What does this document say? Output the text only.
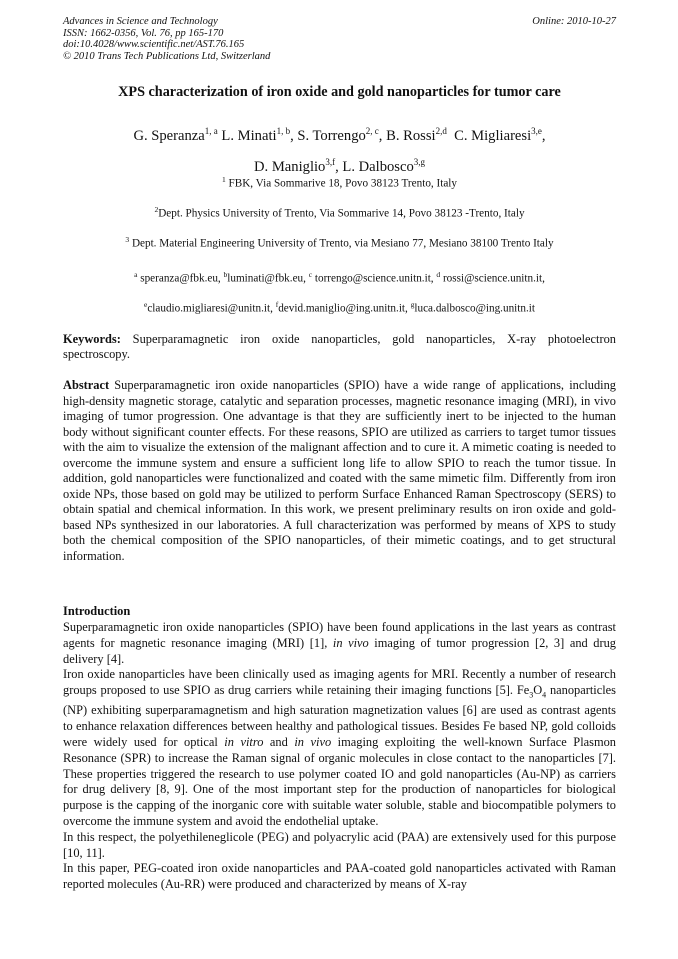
Advances in Science and Technology
ISSN: 1662-0356, Vol. 76, pp 165-170
doi:10.4028/www.scientific.net/AST.76.165
© 2010 Trans Tech Publications Ltd, Switzerland
Online: 2010-10-27
XPS characterization of iron oxide and gold nanoparticles for tumor care
G. Speranza$^{1, a}$ L. Minati$^{1, b}$, S. Torrengo$^{2, c}$, B. Rossi$^{2,d}$ C. Migliaresi$^{3,e}$,
D. Maniglio$^{3,f}$, L. Dalbosco$^{3,g}$
$^1$ FBK, Via Sommarive 18, Povo 38123 Trento, Italy
$^2$Dept. Physics University of Trento, Via Sommarive 14, Povo 38123 -Trento, Italy
$^3$ Dept. Material Engineering University of Trento, via Mesiano 77, Mesiano 38100 Trento Italy
$^a$ speranza@fbk.eu, $^b$luminati@fbk.eu, $^c$ torrengo@science.unitn.it, $^d$ rossi@science.unitn.it,
$^e$claudio.migliaresi@unitn.it, $^f$devid.maniglio@ing.unitn.it, $^g$luca.dalbosco@ing.unitn.it
Keywords: Superparamagnetic iron oxide nanoparticles, gold nanoparticles, X-ray photoelectron spectroscopy.
Abstract Superparamagnetic iron oxide nanoparticles (SPIO) have a wide range of applications, including high-density magnetic storage, catalytic and separation processes, magnetic resonance imaging (MRI), in vivo imaging of tumor progression. One advantage is that they are sufficiently inert to be injected to the human body without significant counter effects. For these reasons, SPIO are utilized as carriers to target tumor tissues with the aim to visualize the extension of the malignant affection and to cure it. A mimetic coating is needed to overcome the immune system and ensure a sufficient long life to allow SPIO to reach the tumor tissue. In addition, gold nanoparticles were functionalized and coated with the same mimetic film. Differently from iron oxide NPs, those based on gold may be utilized to perform Surface Enhanced Raman Spectroscopy (SERS) to obtain spatial and chemical information. In this work, we present preliminary results on iron oxide and gold-based NPs synthesized in our laboratories. A full characterization was performed by means of XPS to study both the chemical composition of the SPIO nanoparticles, of their mimetic coatings, and to get structural information.
Introduction

Superparamagnetic iron oxide nanoparticles (SPIO) have been found applications in the last years as contrast agents for magnetic resonance imaging (MRI) [1], in vivo imaging of tumor progression [2, 3] and drug delivery [4].

Iron oxide nanoparticles have been clinically used as imaging agents for MRI. Recently a number of research groups proposed to use SPIO as drug carriers while retaining their imaging functions [5]. $Fe_3O_4$ nanoparticles (NP) exhibiting superparamagnetism and high saturation magnetization values [6] are used as contrast agents to enhance relaxation differences between healthy and pathological tissues. Besides Fe based NP, gold colloids were widely used for optical in vitro and in vivo imaging exploiting the well-known Surface Plasmon Resonance (SPR) to increase the Raman signal of organic molecules in close contact to the nanoparticles [7]. These properties triggered the research to use polymer coated IO and gold nanoparticles (Au-NP) as carriers for drug delivery [8, 9]. One of the most important step for the production of nanoparticles for biological purpose is the capping of the inorganic core with suitable water soluble, stable and biocompatible polymers to overcome the immune system and avoid the endothelial uptake.

In this respect, the polyethileneglicole (PEG) and polyacrylic acid (PAA) are extensively used for this purpose [10, 11].

In this paper, PEG-coated iron oxide nanoparticles and PAA-coated gold nanoparticles activated with Raman reported molecules (Au-RR) were produced and characterized by means of X-ray
